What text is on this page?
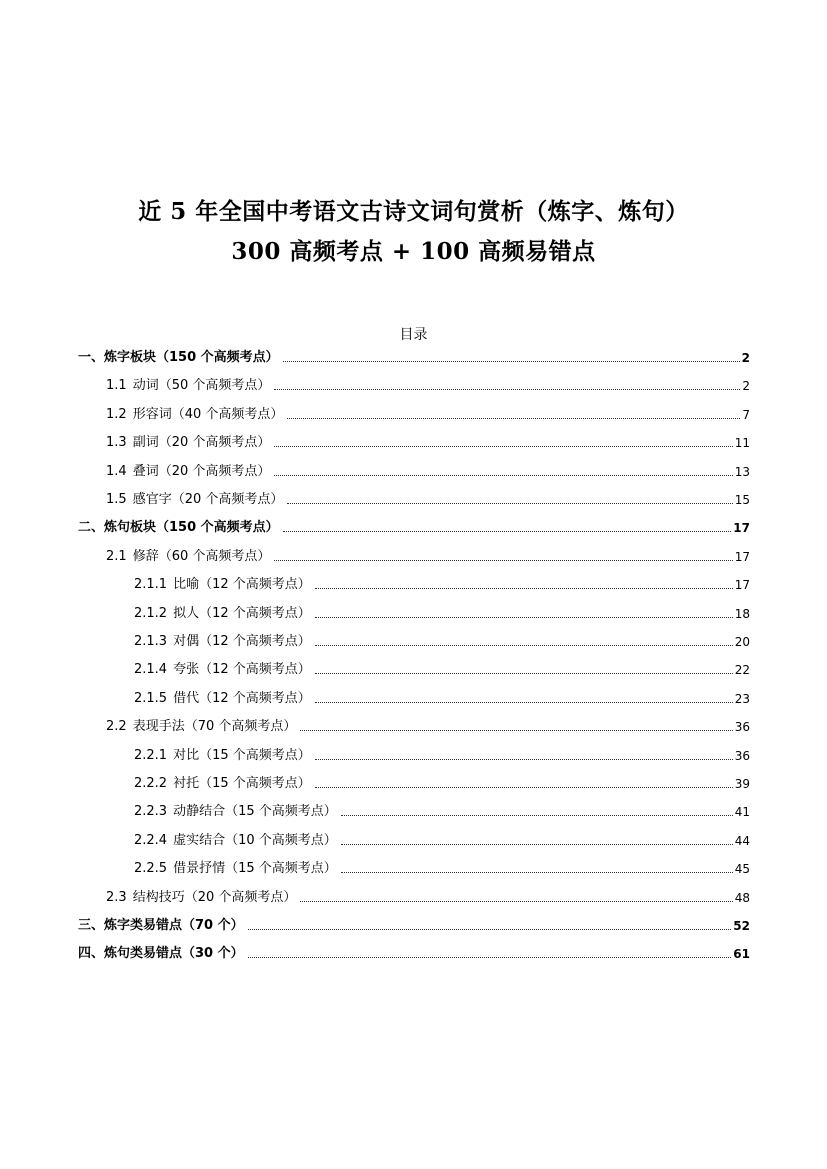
近 5 年全国中考语文古诗文词句赏析（炼字、炼句）
300 高频考点 + 100 高频易错点
目录
一、炼字板块（150 个高频考点）	2
1.1 动词（50 个高频考点）	2
1.2 形容词（40 个高频考点）	7
1.3 副词（20 个高频考点）	11
1.4 叠词（20 个高频考点）	13
1.5 感官字（20 个高频考点）	15
二、炼句板块（150 个高频考点）	17
2.1 修辞（60 个高频考点）	17
2.1.1 比喻（12 个高频考点）	17
2.1.2 拟人（12 个高频考点）	18
2.1.3 对偶（12 个高频考点）	20
2.1.4 夸张（12 个高频考点）	22
2.1.5 借代（12 个高频考点）	23
2.2 表现手法（70 个高频考点）	36
2.2.1 对比（15 个高频考点）	36
2.2.2 衬托（15 个高频考点）	39
2.2.3 动静结合（15 个高频考点）	41
2.2.4 虚实结合（10 个高频考点）	44
2.2.5 借景抒情（15 个高频考点）	45
2.3 结构技巧（20 个高频考点）	48
三、炼字类易错点（70 个）	52
四、炼句类易错点（30 个）	61
